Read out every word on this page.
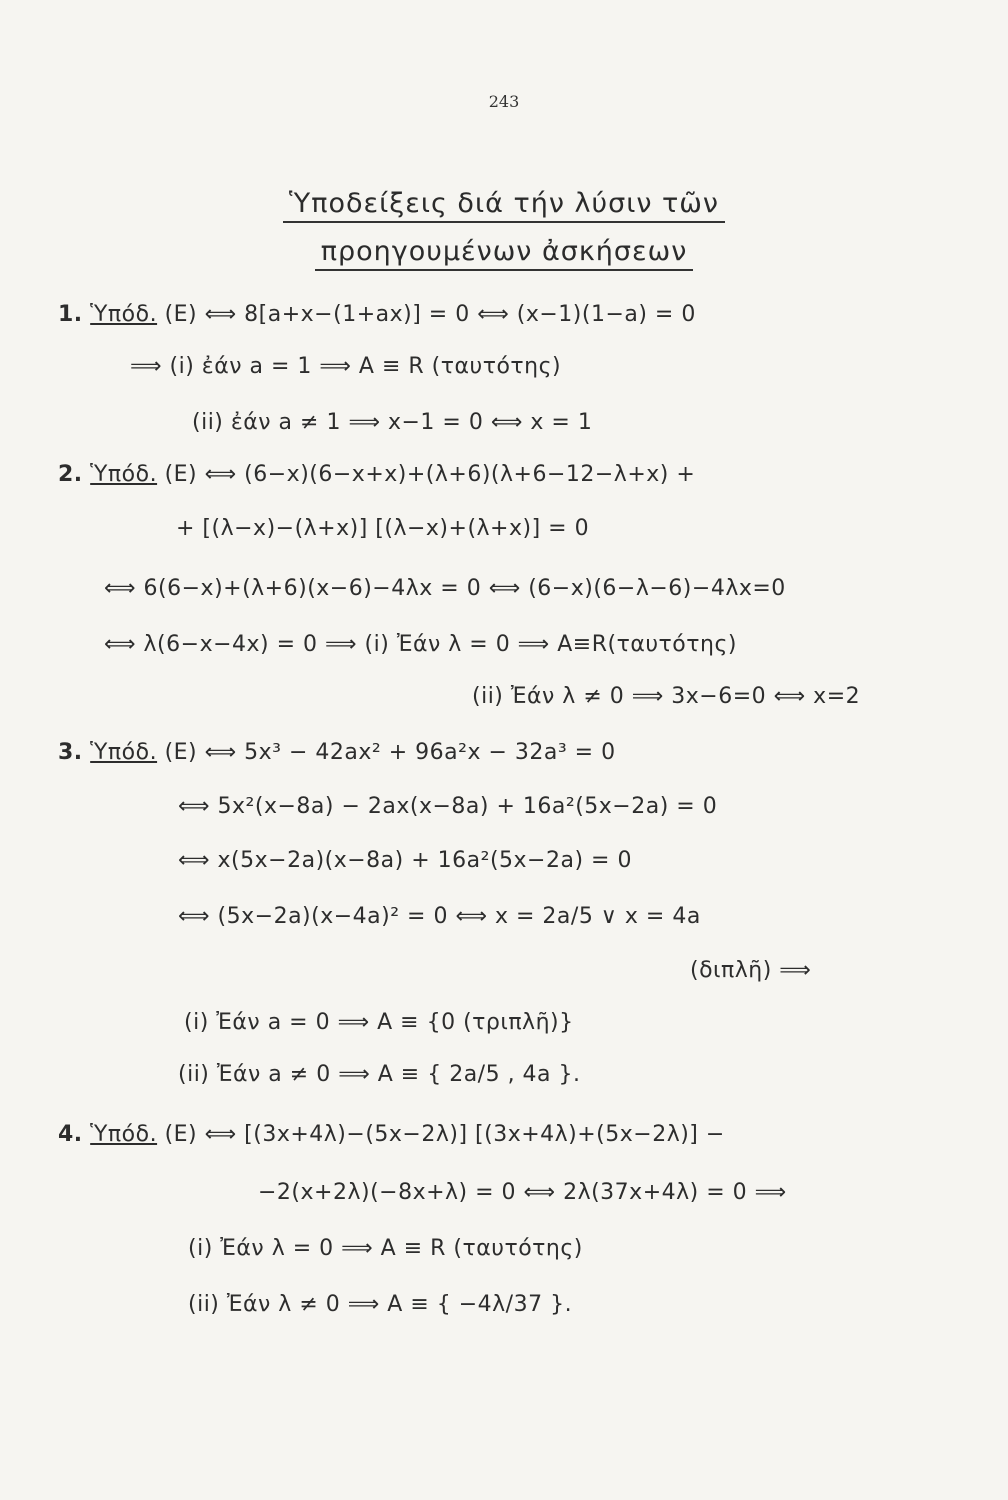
243
Ὑποδείξεις διά τήν λύσιν τῶν
προηγουμένων ἀσκήσεων
1. Ὑπόδ. (E) ⟺ 8[a+x−(1+ax)] = 0 ⟺ (x−1)(1−a) = 0
⟹ (i) ἐάν a = 1 ⟹ A ≡ R (ταυτότης)
(ii) ἐάν a ≠ 1 ⟹ x−1 = 0 ⟺ x = 1
2. Ὑπόδ. (E) ⟺ (6−x)(6−x+x)+(λ+6)(λ+6−12−λ+x) +
+ [(λ−x)−(λ+x)] [(λ−x)+(λ+x)] = 0
⟺ 6(6−x)+(λ+6)(x−6)−4λx = 0 ⟺ (6−x)(6−λ−6)−4λx=0
⟺ λ(6−x−4x) = 0 ⟹ (i) Ἐάν λ = 0 ⟹ A≡R(ταυτότης)
(ii) Ἐάν λ ≠ 0 ⟹ 3x−6=0 ⟺ x=2
3. Ὑπόδ. (E) ⟺ 5x³ − 42ax² + 96a²x − 32a³ = 0
⟺ 5x²(x−8a) − 2ax(x−8a) + 16a²(5x−2a) = 0
⟺ x(5x−2a)(x−8a) + 16a²(5x−2a) = 0
⟺ (5x−2a)(x−4a)² = 0 ⟺ x = 2a/5 ∨ x = 4a
(διπλῆ) ⟹
(i) Ἐάν a = 0 ⟹ A ≡ {0 (τριπλῆ)}
(ii) Ἐάν a ≠ 0 ⟹ A ≡ { 2a/5 , 4a }.
4. Ὑπόδ. (E) ⟺ [(3x+4λ)−(5x−2λ)] [(3x+4λ)+(5x−2λ)] −
−2(x+2λ)(−8x+λ) = 0 ⟺ 2λ(37x+4λ) = 0 ⟹
(i) Ἐάν λ = 0 ⟹ A ≡ R (ταυτότης)
(ii) Ἐάν λ ≠ 0 ⟹ A ≡ { −4λ/37 }.
